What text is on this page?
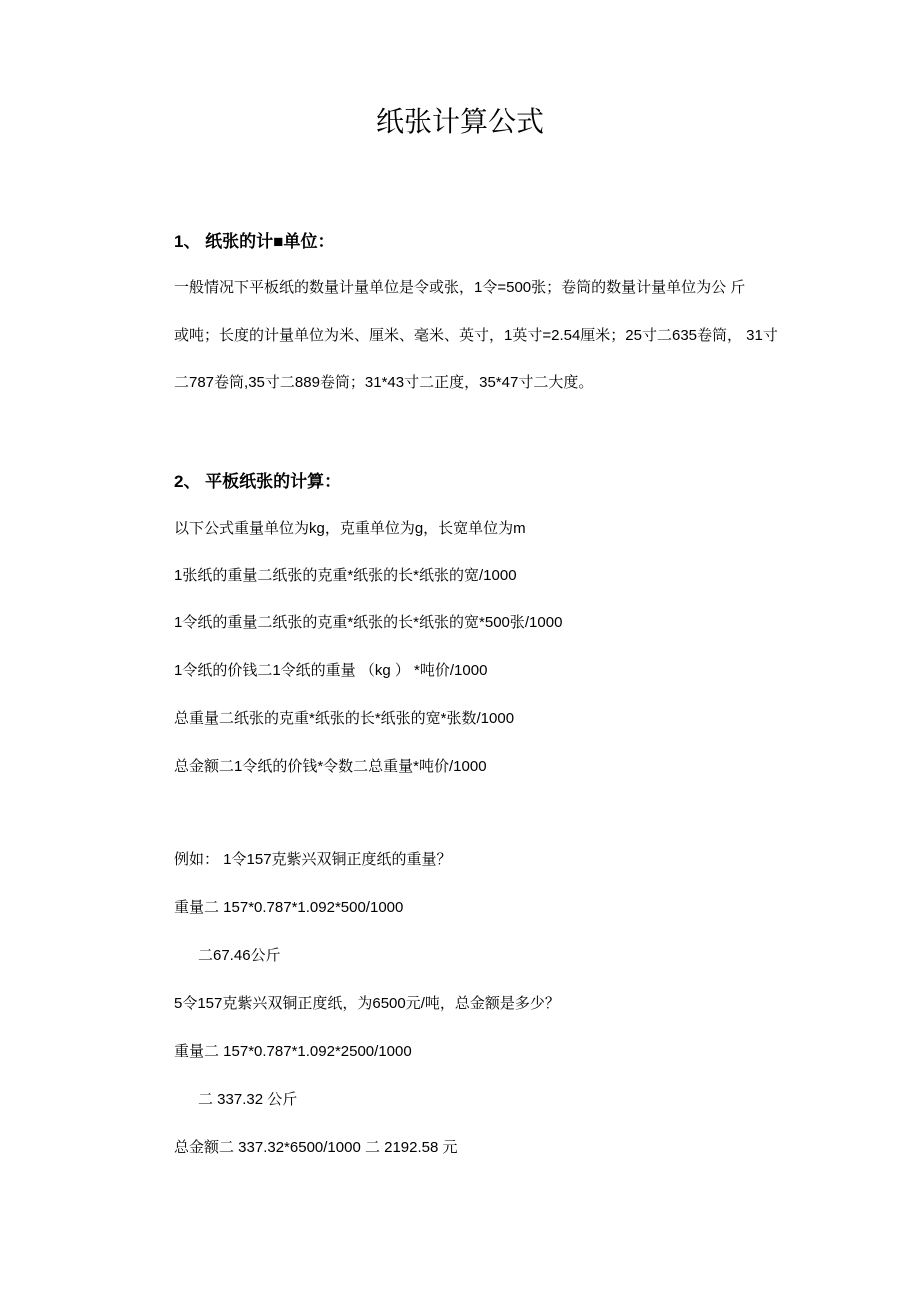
纸张计算公式
1、 纸张的计■单位：
一般情况下平板纸的数量计量单位是令或张，1令=500张；卷筒的数量计量单位为公 斤
或吨；长度的计量单位为米、厘米、毫米、英寸，1英寸=2.54厘米；25寸二635卷筒， 31寸
二787卷筒,35寸二889卷筒；31*43寸二正度，35*47寸二大度。
2、 平板纸张的计算：
以下公式重量单位为kg，克重单位为g，长宽单位为m
1张纸的重量二纸张的克重*纸张的长*纸张的宽/1000
1令纸的重量二纸张的克重*纸张的长*纸张的宽*500张/1000
1令纸的价钱二1令纸的重量 （kg ） *吨价/1000
总重量二纸张的克重*纸张的长*纸张的宽*张数/1000
总金额二1令纸的价钱*令数二总重量*吨价/1000
例如： 1令157克紫兴双铜正度纸的重量？
重量二 157*0.787*1.092*500/1000
二67.46公斤
5令157克紫兴双铜正度纸，为6500元/吨，总金额是多少？
重量二 157*0.787*1.092*2500/1000
二 337.32 公斤
总金额二 337.32*6500/1000 二 2192.58 元
